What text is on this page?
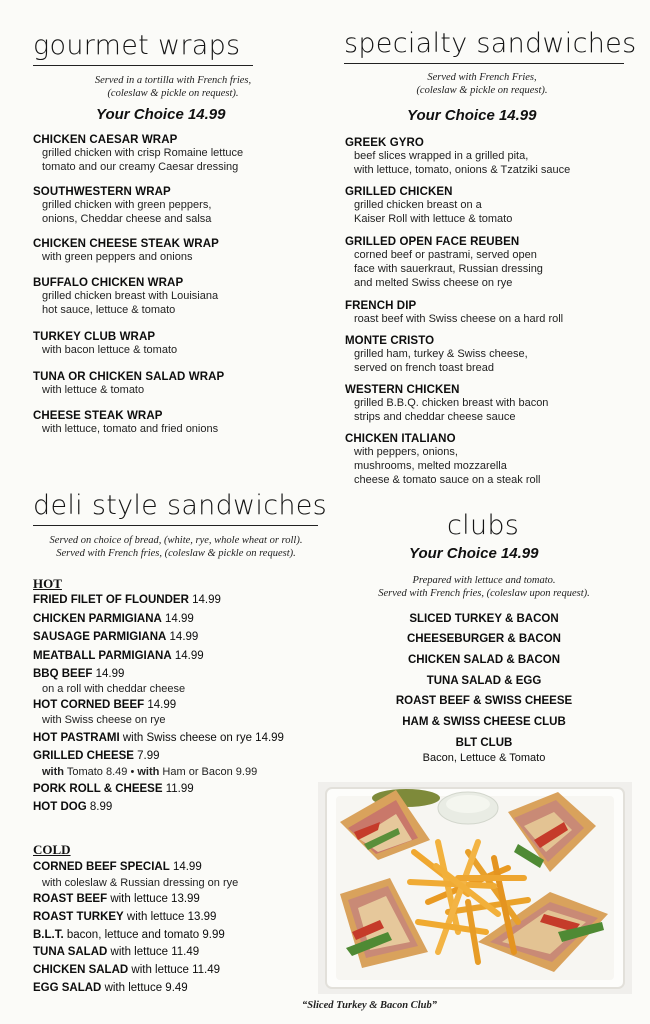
gourmet wraps
Served in a tortilla with French fries,
(coleslaw & pickle on request).
Your Choice 14.99
CHICKEN CAESAR WRAP
grilled chicken with crisp Romaine lettuce
tomato and our creamy Caesar dressing
SOUTHWESTERN WRAP
grilled chicken with green peppers,
onions, Cheddar cheese and salsa
CHICKEN CHEESE STEAK WRAP
with green peppers and onions
BUFFALO CHICKEN WRAP
grilled chicken breast with Louisiana
hot sauce, lettuce & tomato
TURKEY CLUB WRAP
with bacon lettuce & tomato
TUNA OR CHICKEN SALAD WRAP
with lettuce & tomato
CHEESE STEAK WRAP
with lettuce, tomato and fried onions
specialty sandwiches
Served with French Fries,
(coleslaw & pickle on request).
Your Choice 14.99
GREEK GYRO
beef slices wrapped in a grilled pita,
with lettuce, tomato, onions & Tzatziki sauce
GRILLED CHICKEN
grilled chicken breast on a
Kaiser Roll with lettuce & tomato
GRILLED OPEN FACE REUBEN
corned beef or pastrami, served open
face with sauerkraut, Russian dressing
and melted Swiss cheese on rye
FRENCH DIP
roast beef with Swiss cheese on a hard roll
MONTE CRISTO
grilled ham, turkey & Swiss cheese,
served on french toast bread
WESTERN CHICKEN
grilled B.B.Q. chicken breast with bacon
strips and cheddar cheese sauce
CHICKEN ITALIANO
with peppers, onions,
mushrooms, melted mozzarella
cheese & tomato sauce on a steak roll
deli style sandwiches
Served on choice of bread, (white, rye, whole wheat or roll).
Served with French fries, (coleslaw & pickle on request).
HOT
FRIED FILET OF FLOUNDER 14.99
CHICKEN PARMIGIANA 14.99
SAUSAGE PARMIGIANA 14.99
MEATBALL PARMIGIANA 14.99
BBQ BEEF 14.99
on a roll with cheddar cheese
HOT CORNED BEEF 14.99
with Swiss cheese on rye
HOT PASTRAMI with Swiss cheese on rye 14.99
GRILLED CHEESE 7.99
with Tomato 8.49 • with Ham or Bacon 9.99
PORK ROLL & CHEESE 11.99
HOT DOG 8.99
COLD
CORNED BEEF SPECIAL 14.99
with coleslaw & Russian dressing on rye
ROAST BEEF with lettuce 13.99
ROAST TURKEY with lettuce 13.99
B.L.T. bacon, lettuce and tomato 9.99
TUNA SALAD with lettuce 11.49
CHICKEN SALAD with lettuce 11.49
EGG SALAD with lettuce 9.49
clubs
Your Choice 14.99
Prepared with lettuce and tomato.
Served with French fries, (coleslaw upon request).
SLICED TURKEY & BACON
CHEESEBURGER & BACON
CHICKEN SALAD & BACON
TUNA SALAD & EGG
ROAST BEEF & SWISS CHEESE
HAM & SWISS CHEESE CLUB
BLT CLUB
Bacon, Lettuce & Tomato
“Sliced Turkey & Bacon Club”
